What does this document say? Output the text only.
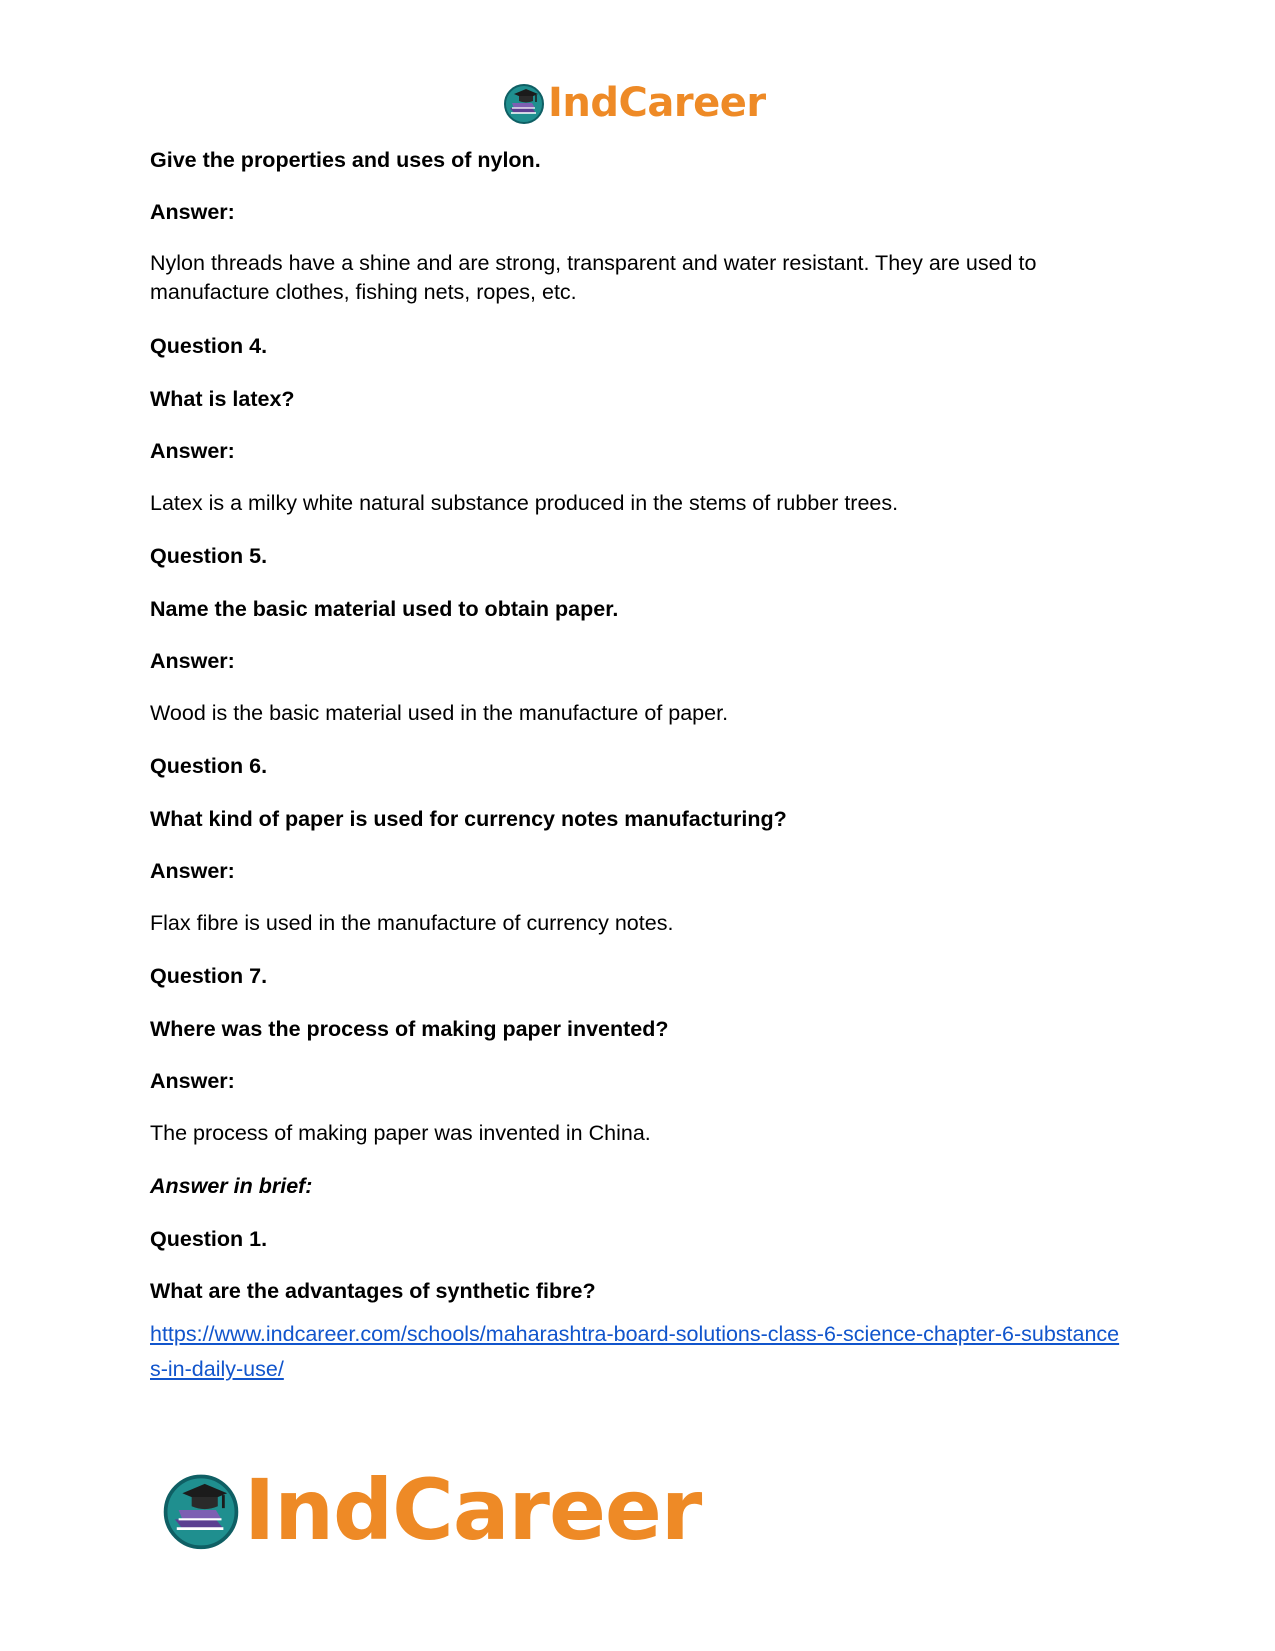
IndCareer

Give the properties and uses of nylon.

Answer:

Nylon threads have a shine and are strong, transparent and water resistant. They are used to manufacture clothes, fishing nets, ropes, etc.

Question 4.

What is latex?

Answer:

Latex is a milky white natural substance produced in the stems of rubber trees.

Question 5.

Name the basic material used to obtain paper.

Answer:

Wood is the basic material used in the manufacture of paper.

Question 6.

What kind of paper is used for currency notes manufacturing?

Answer:

Flax fibre is used in the manufacture of currency notes.

Question 7.

Where was the process of making paper invented?

Answer:

The process of making paper was invented in China.

Answer in brief:

Question 1.

What are the advantages of synthetic fibre?

https://www.indcareer.com/schools/maharashtra-board-solutions-class-6-science-chapter-6-substances-in-daily-use/

IndCareer
